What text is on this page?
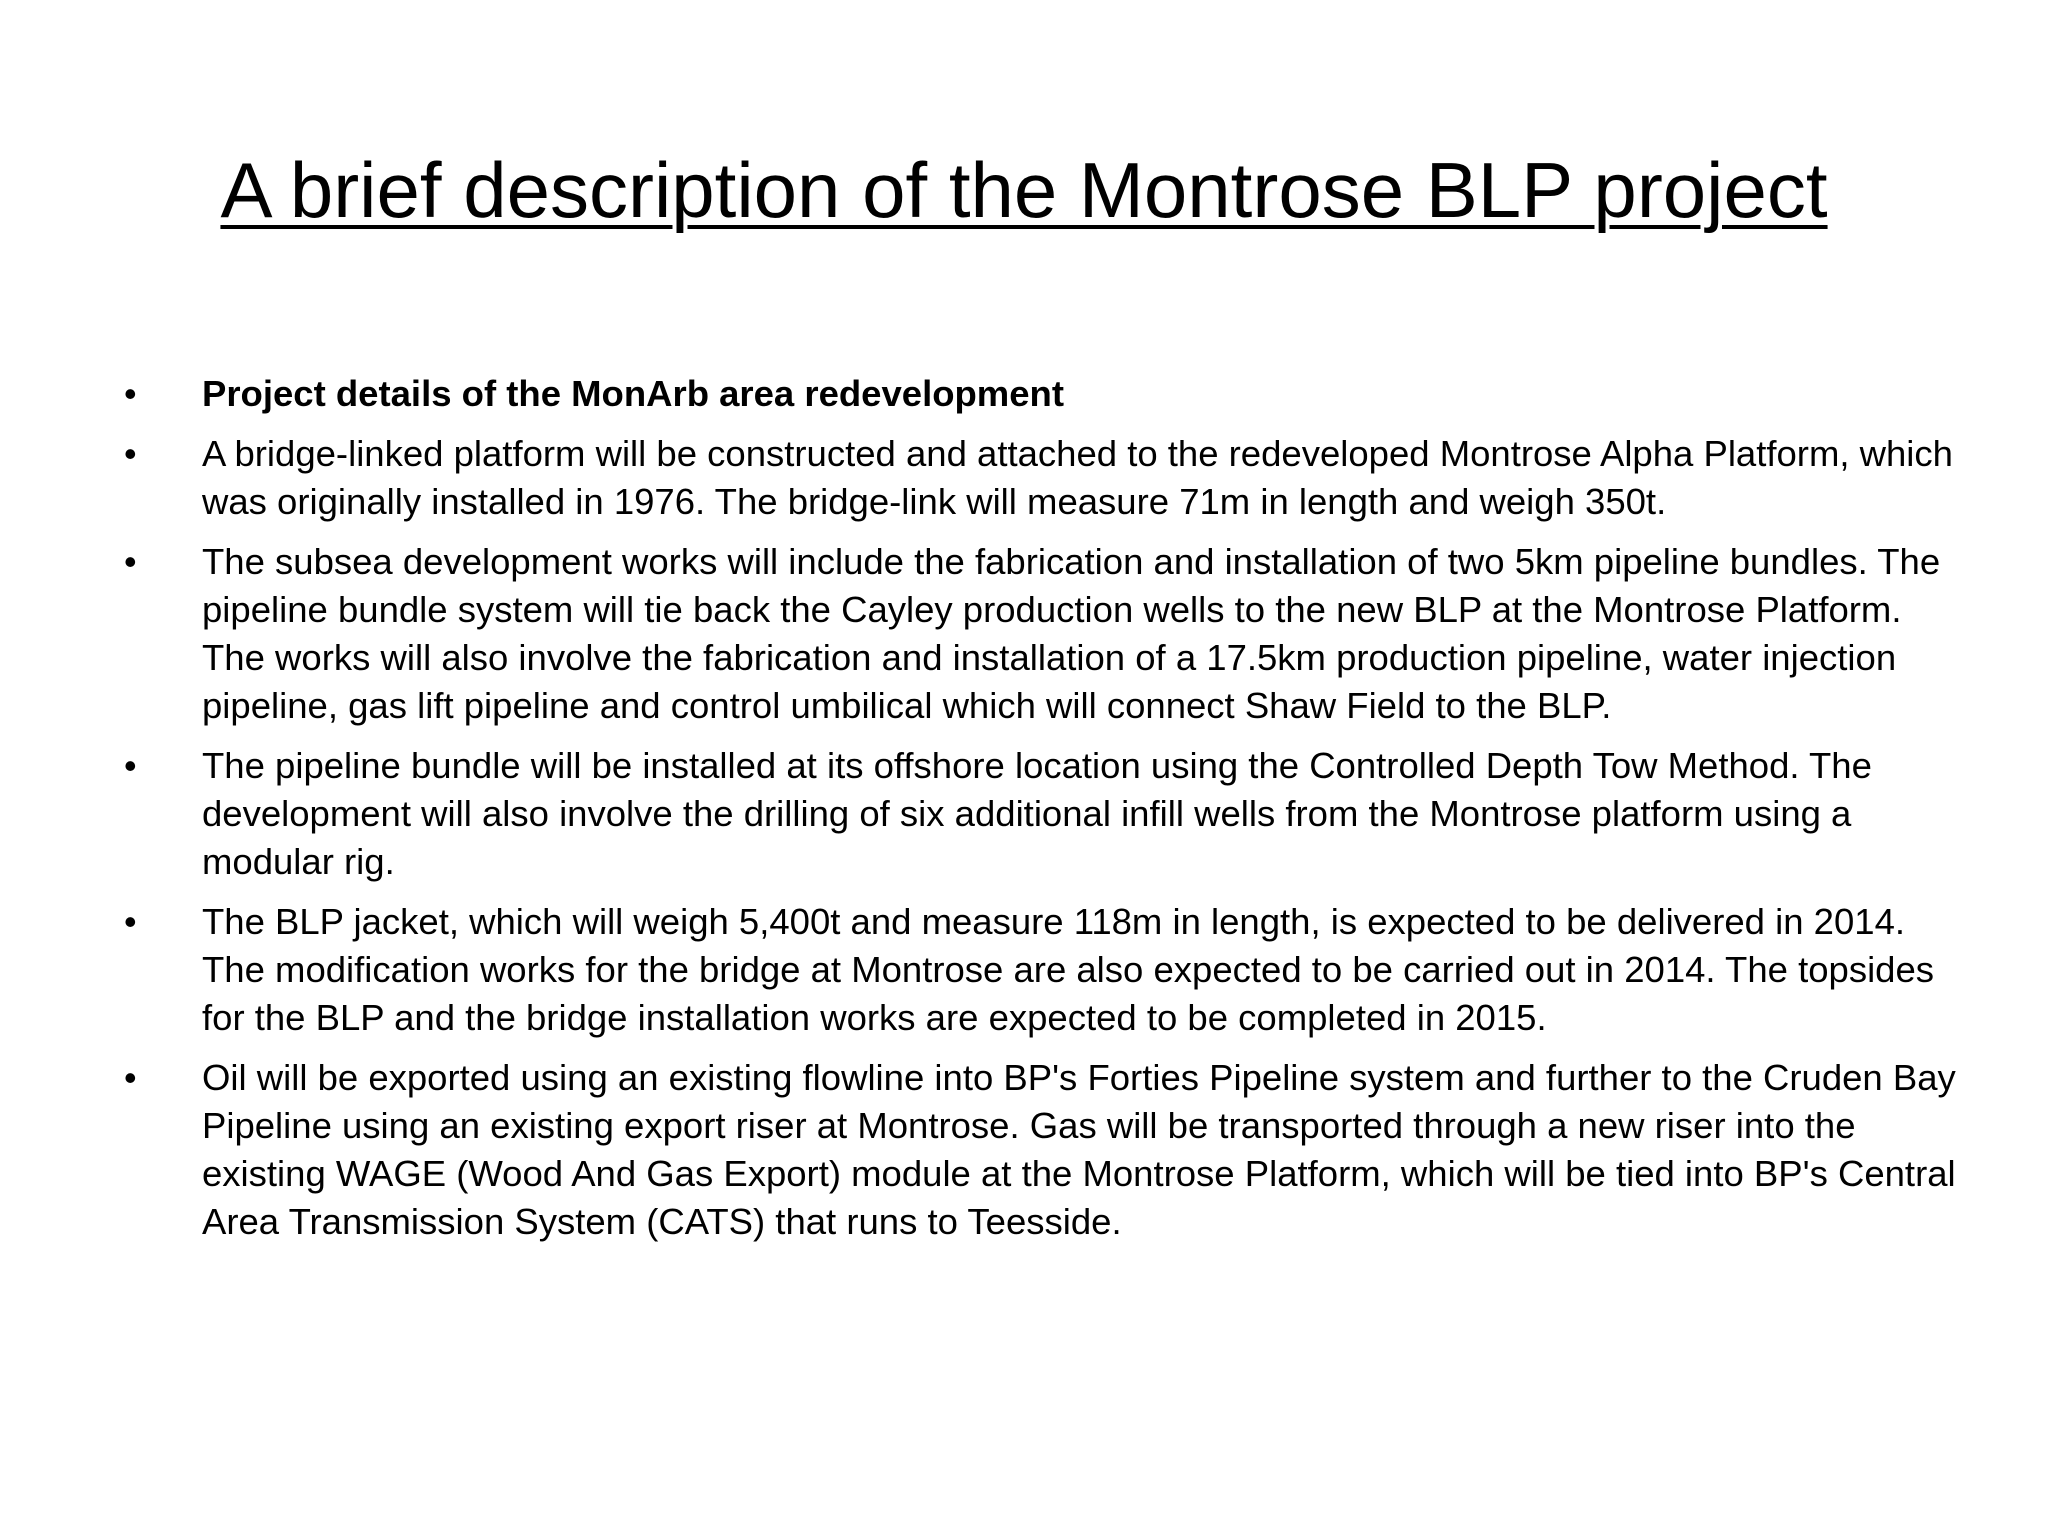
A brief description of the Montrose BLP project
• Project details of the MonArb area redevelopment
• A bridge-linked platform will be constructed and attached to the redeveloped Montrose Alpha Platform, which was originally installed in 1976. The bridge-link will measure 71m in length and weigh 350t.
• The subsea development works will include the fabrication and installation of two 5km pipeline bundles. The pipeline bundle system will tie back the Cayley production wells to the new BLP at the Montrose Platform. The works will also involve the fabrication and installation of a 17.5km production pipeline, water injection pipeline, gas lift pipeline and control umbilical which will connect Shaw Field to the BLP.
• The pipeline bundle will be installed at its offshore location using the Controlled Depth Tow Method. The development will also involve the drilling of six additional infill wells from the Montrose platform using a modular rig.
• The BLP jacket, which will weigh 5,400t and measure 118m in length, is expected to be delivered in 2014. The modification works for the bridge at Montrose are also expected to be carried out in 2014. The topsides for the BLP and the bridge installation works are expected to be completed in 2015.
• Oil will be exported using an existing flowline into BP's Forties Pipeline system and further to the Cruden Bay Pipeline using an existing export riser at Montrose. Gas will be transported through a new riser into the existing WAGE (Wood And Gas Export) module at the Montrose Platform, which will be tied into BP's Central Area Transmission System (CATS) that runs to Teesside.
